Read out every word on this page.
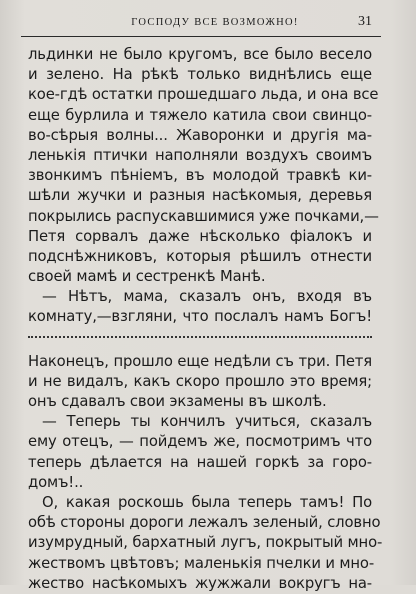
ГОСПОДУ ВСЕ ВОЗМОЖНО!	31
льдинки не было кругомъ, все было весело
и зелено. На рѣкѣ только виднѣлись еще
кое-гдѣ остатки прошедшаго льда, и она все
еще бурлила и тяжело катила свои свинцо-
во-сѣрыя волны... Жаворонки и другія ма-
ленькія птички наполняли воздухъ своимъ
звонкимъ пѣніемъ, въ молодой травкѣ ки-
шѣли жучки и разныя насѣкомыя, деревья
покрылись распускавшимися уже почками,—
Петя сорвалъ даже нѣсколько фіалокъ и
подснѣжниковъ, которыя рѣшилъ отнести
своей мамѣ и сестренкѣ Манѣ.
— Нѣтъ, мама, сказалъ онъ, входя въ
комнату,—взгляни, что послалъ намъ Богъ!
Наконецъ, прошло еще недѣли съ три. Петя
и не видалъ, какъ скоро прошло это время;
онъ сдавалъ свои экзамены въ школѣ.
— Теперь ты кончилъ учиться, сказалъ
ему отецъ, — пойдемъ же, посмотримъ что
теперь дѣлается на нашей горкѣ за горо-
домъ!..
О, какая роскошь была теперь тамъ! По
обѣ стороны дороги лежалъ зеленый, словно
изумрудный, бархатный лугъ, покрытый мно-
жествомъ цвѣтовъ; маленькія пчелки и мно-
жество насѣкомыхъ жужжали вокругъ на-
